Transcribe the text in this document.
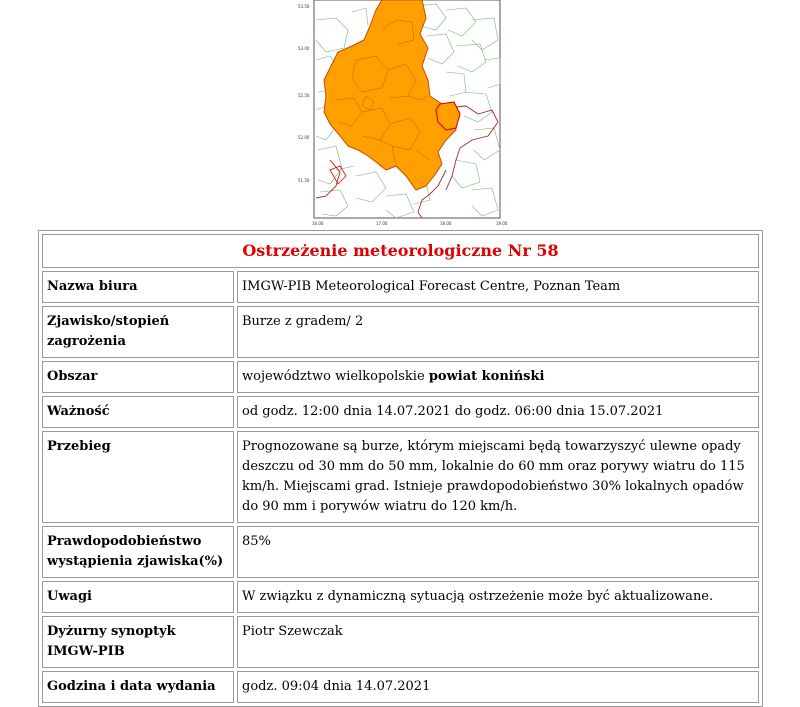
53.50
53.00
52.50
52.00
51.50
16.00	17.00	18.00	19.00
Ostrzeżenie meteorologiczne Nr 58	
Nazwa biura	IMGW-PIB Meteorological Forecast Centre, Poznan Team
Zjawisko/stopień zagrożenia	Burze z gradem/ 2
Obszar	województwo wielkopolskie powiat koniński
Ważność	od godz. 12:00 dnia 14.07.2021 do godz. 06:00 dnia 15.07.2021
Przebieg	Prognozowane są burze, którym miejscami będą towarzyszyć ulewne opady deszczu od 30 mm do 50 mm, lokalnie do 60 mm oraz porywy wiatru do 115 km/h. Miejscami grad. Istnieje prawdopodobieństwo 30% lokalnych opadów do 90 mm i porywów wiatru do 120 km/h.
Prawdopodobieństwo wystąpienia zjawiska(%)	85%
Uwagi	W związku z dynamiczną sytuacją ostrzeżenie może być aktualizowane.
Dyżurny synoptyk IMGW-PIB	Piotr Szewczak
Godzina i data wydania	godz. 09:04 dnia 14.07.2021
